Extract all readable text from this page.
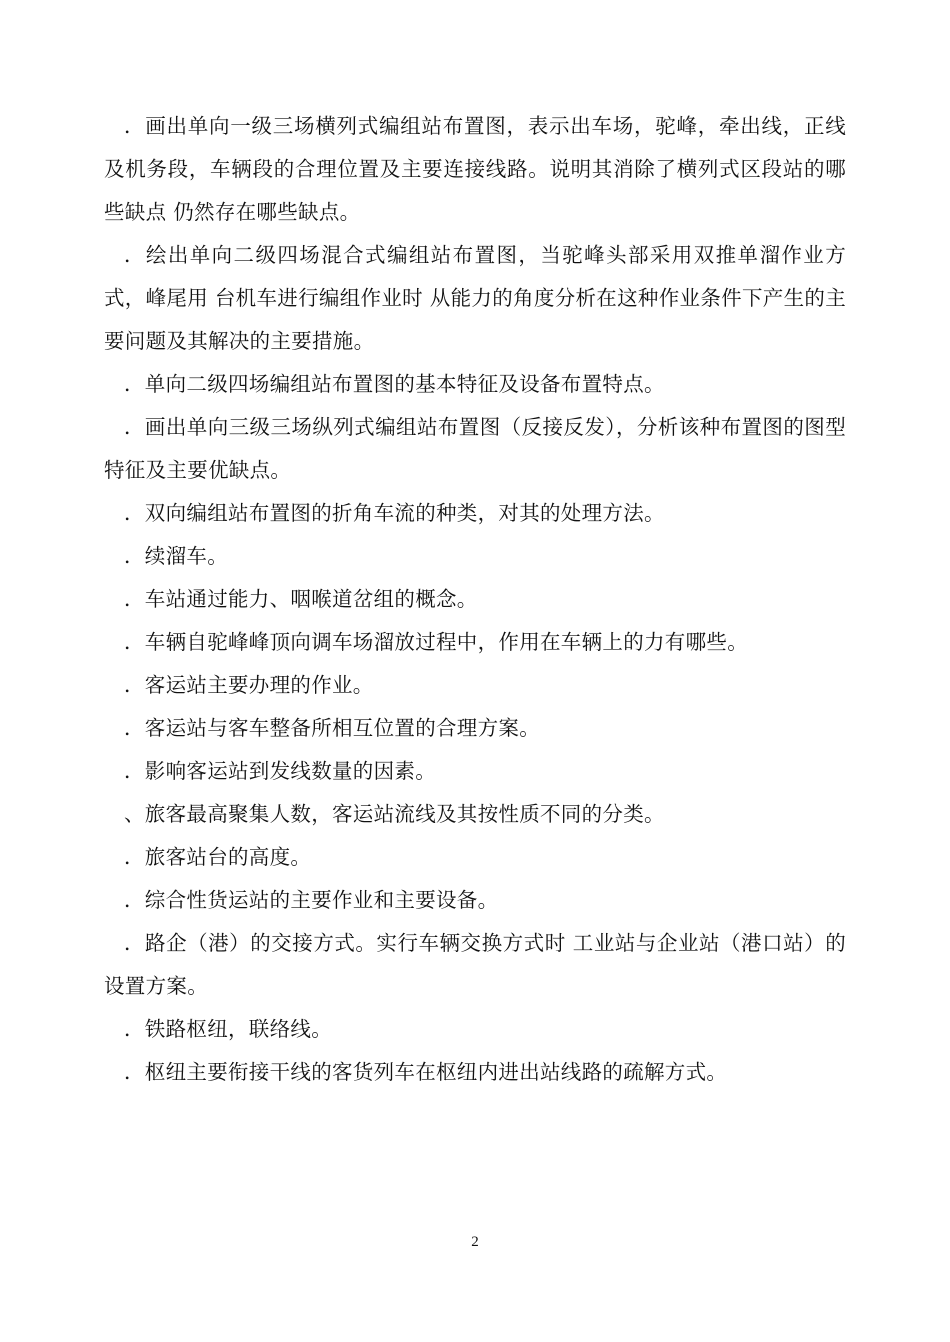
．画出单向一级三场横列式编组站布置图，表示出车场，驼峰，牵出线，正线及机务段，车辆段的合理位置及主要连接线路。说明其消除了横列式区段站的哪些缺点 仍然存在哪些缺点。

．绘出单向二级四场混合式编组站布置图，当驼峰头部采用双推单溜作业方式，峰尾用 台机车进行编组作业时 从能力的角度分析在这种作业条件下产生的主要问题及其解决的主要措施。

．单向二级四场编组站布置图的基本特征及设备布置特点。

．画出单向三级三场纵列式编组站布置图（反接反发），分析该种布置图的图型特征及主要优缺点。

．双向编组站布置图的折角车流的种类，对其的处理方法。

．续溜车。

．车站通过能力、咽喉道岔组的概念。

．车辆自驼峰峰顶向调车场溜放过程中，作用在车辆上的力有哪些。

．客运站主要办理的作业。

．客运站与客车整备所相互位置的合理方案。

．影响客运站到发线数量的因素。

、旅客最高聚集人数，客运站流线及其按性质不同的分类。

．旅客站台的高度。

．综合性货运站的主要作业和主要设备。

．路企（港）的交接方式。实行车辆交换方式时 工业站与企业站（港口站）的设置方案。

．铁路枢纽，联络线。

．枢纽主要衔接干线的客货列车在枢纽内进出站线路的疏解方式。

2
